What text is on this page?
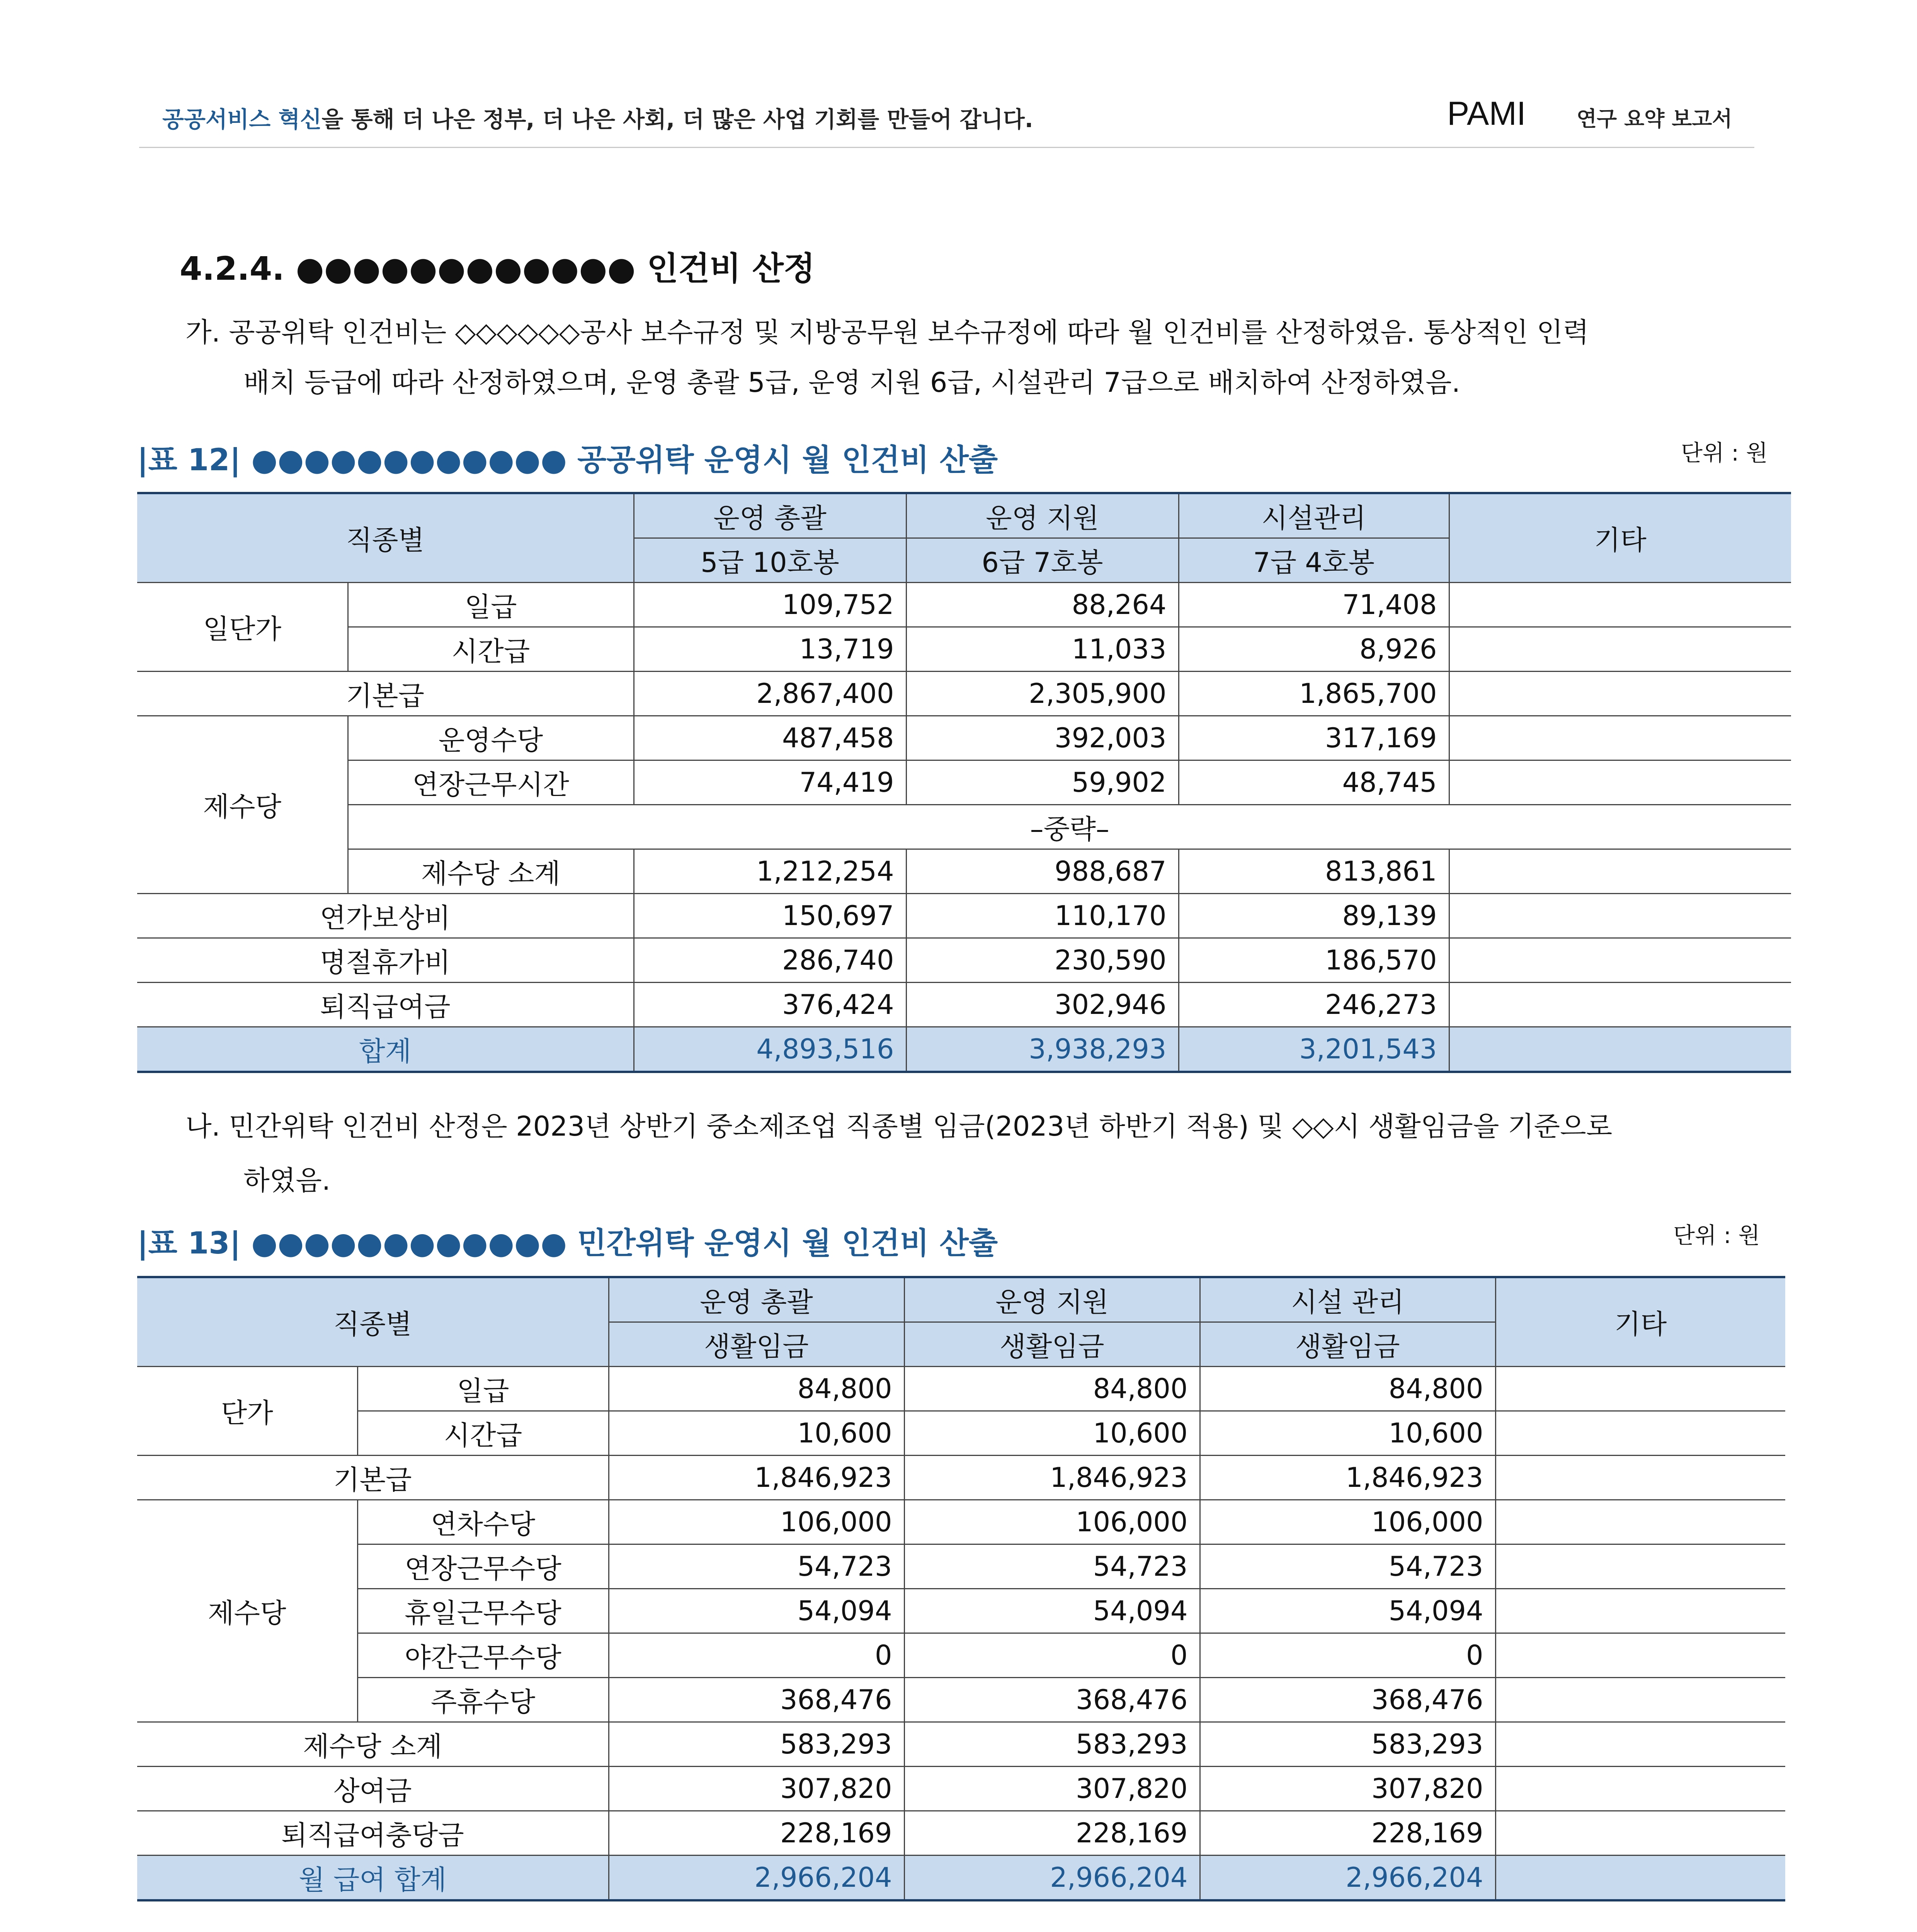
공공서비스 혁신을 통해 더 나은 정부, 더 나은 사회, 더 많은 사업 기회를 만들어 갑니다.	PAMI 연구 요약 보고서
4.2.4. ●●●●●●●●●●●● 인건비 산정
가. 공공위탁 인건비는 ◇◇◇◇◇◇공사 보수규정 및 지방공무원 보수규정에 따라 월 인건비를 산정하였음. 통상적인 인력
배치 등급에 따라 산정하였으며, 운영 총괄 5급, 운영 지원 6급, 시설관리 7급으로 배치하여 산정하였음.
|표 12| ●●●●●●●●●●●● 공공위탁 운영시 월 인건비 산출	단위 : 원
직종별		운영 총괄	운영 지원	시설관리	기타
		5급 10호봉	6급 7호봉	7급 4호봉	
일단가	일급	109,752	88,264	71,408	
	시간급	13,719	11,033	8,926	
기본급		2,867,400	2,305,900	1,865,700	
제수당	운영수당	487,458	392,003	317,169	
	연장근무시간	74,419	59,902	48,745	
	–중략–				
	제수당 소계	1,212,254	988,687	813,861	
연가보상비		150,697	110,170	89,139	
명절휴가비		286,740	230,590	186,570	
퇴직급여금		376,424	302,946	246,273	
합계		4,893,516	3,938,293	3,201,543	
나. 민간위탁 인건비 산정은 2023년 상반기 중소제조업 직종별 임금(2023년 하반기 적용) 및 ◇◇시 생활임금을 기준으로
하였음.
|표 13| ●●●●●●●●●●●● 민간위탁 운영시 월 인건비 산출	단위 : 원
직종별		운영 총괄	운영 지원	시설 관리	기타
		생활임금	생활임금	생활임금	
단가	일급	84,800	84,800	84,800	
	시간급	10,600	10,600	10,600	
기본급		1,846,923	1,846,923	1,846,923	
제수당	연차수당	106,000	106,000	106,000	
	연장근무수당	54,723	54,723	54,723	
	휴일근무수당	54,094	54,094	54,094	
	야간근무수당	0	0	0	
	주휴수당	368,476	368,476	368,476	
제수당 소계		583,293	583,293	583,293	
상여금		307,820	307,820	307,820	
퇴직급여충당금		228,169	228,169	228,169	
월 급여 합계		2,966,204	2,966,204	2,966,204	
